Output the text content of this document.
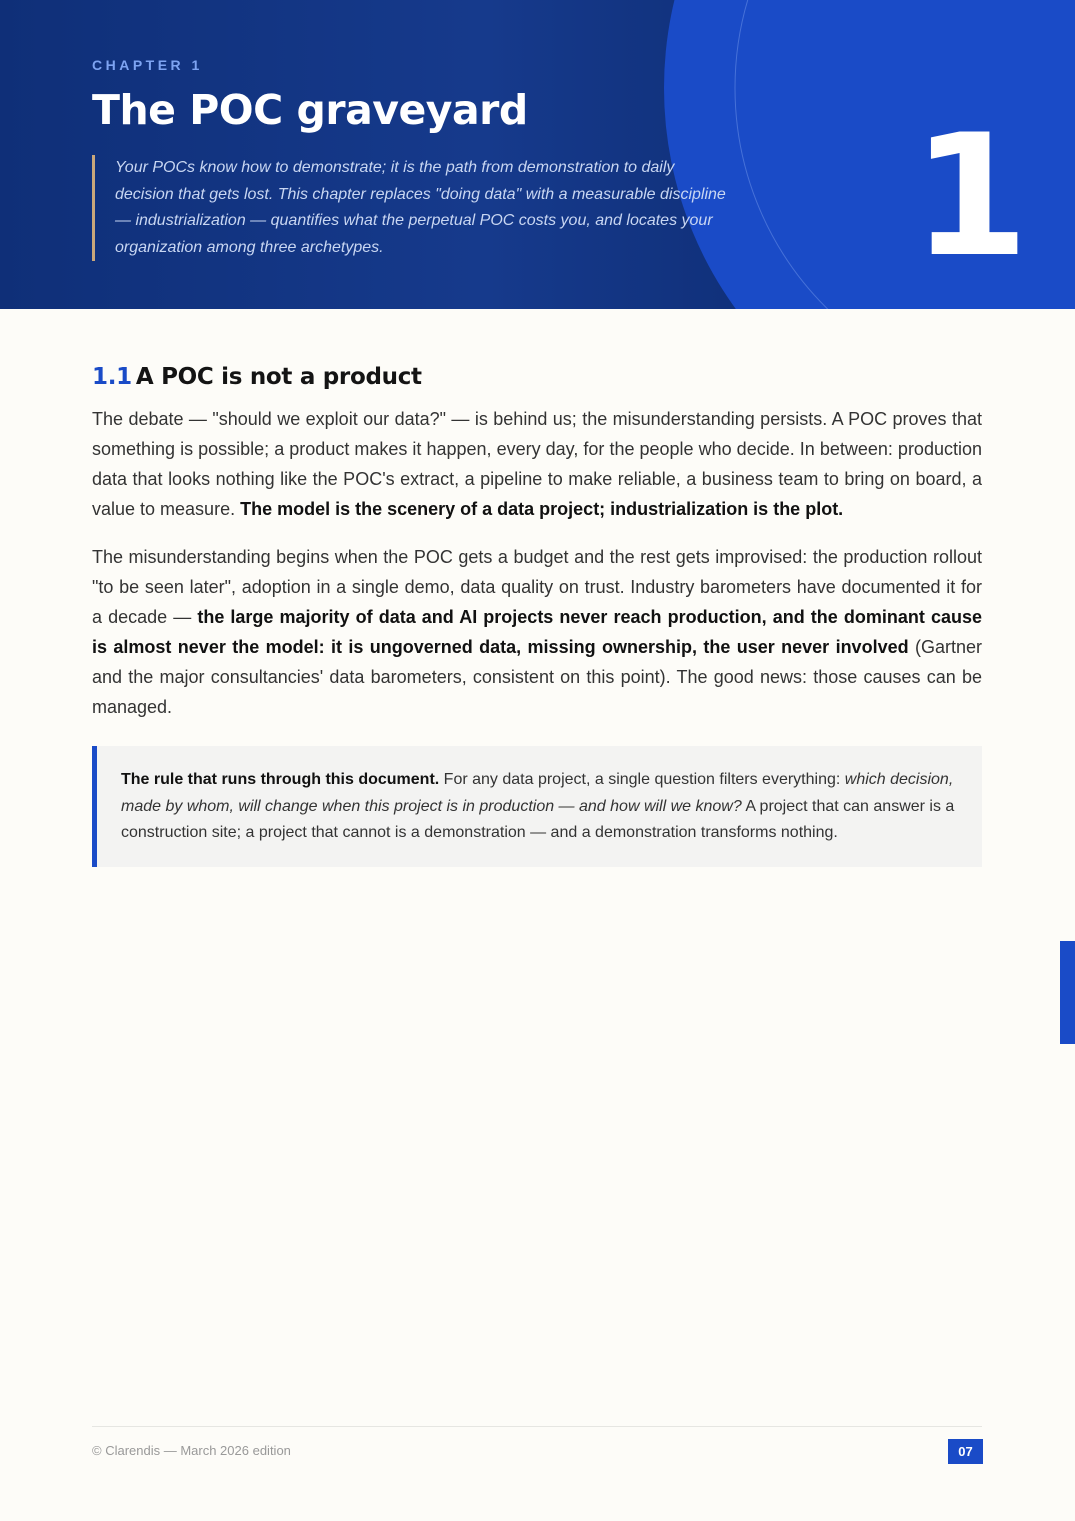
CHAPTER 1
The POC graveyard
Your POCs know how to demonstrate; it is the path from demonstration to daily decision that gets lost. This chapter replaces "doing data" with a measurable discipline — industrialization — quantifies what the perpetual POC costs you, and locates your organization among three archetypes.	1
1.1 A POC is not a product

The debate — "should we exploit our data?" — is behind us; the misunderstanding persists. A POC proves that something is possible; a product makes it happen, every day, for the people who decide. In between: production data that looks nothing like the POC's extract, a pipeline to make reliable, a business team to bring on board, a value to measure. The model is the scenery of a data project; industrialization is the plot.

The misunderstanding begins when the POC gets a budget and the rest gets improvised: the production rollout "to be seen later", adoption in a single demo, data quality on trust. Industry barometers have documented it for a decade — the large majority of data and AI projects never reach production, and the dominant cause is almost never the model: it is ungoverned data, missing ownership, the user never involved (Gartner and the major consultancies' data barometers, consistent on this point). The good news: those causes can be managed.

The rule that runs through this document. For any data project, a single question filters everything: which decision, made by whom, will change when this project is in production — and how will we know? A project that can answer is a construction site; a project that cannot is a demonstration — and a demonstration transforms nothing.
© Clarendis — March 2026 edition	07
